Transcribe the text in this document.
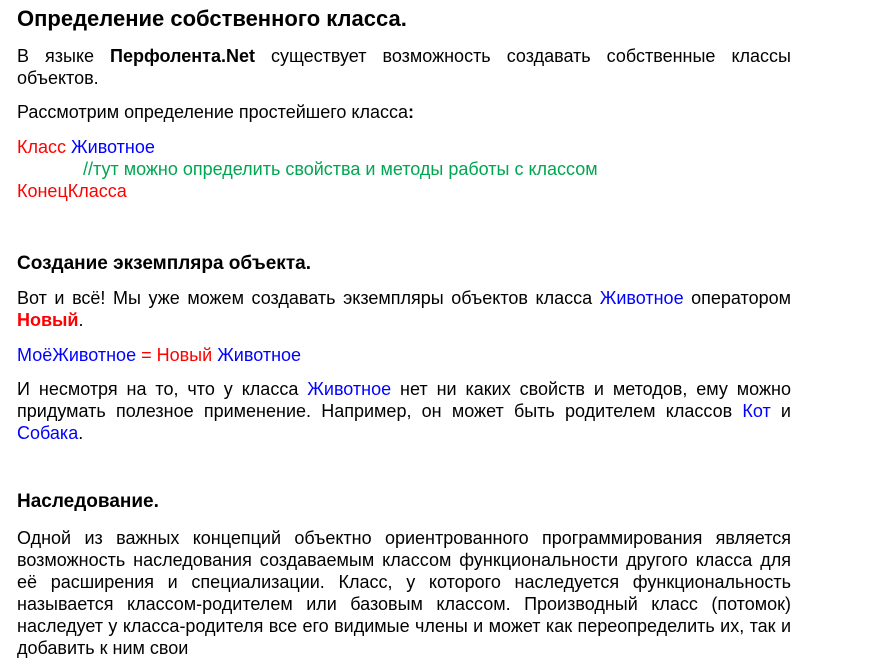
Определение собственного класса.
В языке Перфолента.Net существует возможность создавать собственные классы объектов.
Рассмотрим определение простейшего класса:
Класс Животное
//тут можно определить свойства и методы работы с классом
КонецКласса
Создание экземпляра объекта.
Вот и всё! Мы уже можем создавать экземпляры объектов класса Животное оператором Новый.
МоёЖивотное = Новый Животное
И несмотря на то, что у класса Животное нет ни каких свойств и методов, ему можно придумать полезное применение. Например, он может быть родителем классов Кот и Собака.
Наследование.
Одной из важных концепций объектно ориентрованного программирования является возможность наследования создаваемым классом функциональности другого класса для её расширения и специализации. Класс, у которого наследуется функциональность называется классом-родителем или базовым классом. Производный класс (потомок) наследует у класса-родителя все его видимые члены и может как переопределить их, так и добавить к ним свои
